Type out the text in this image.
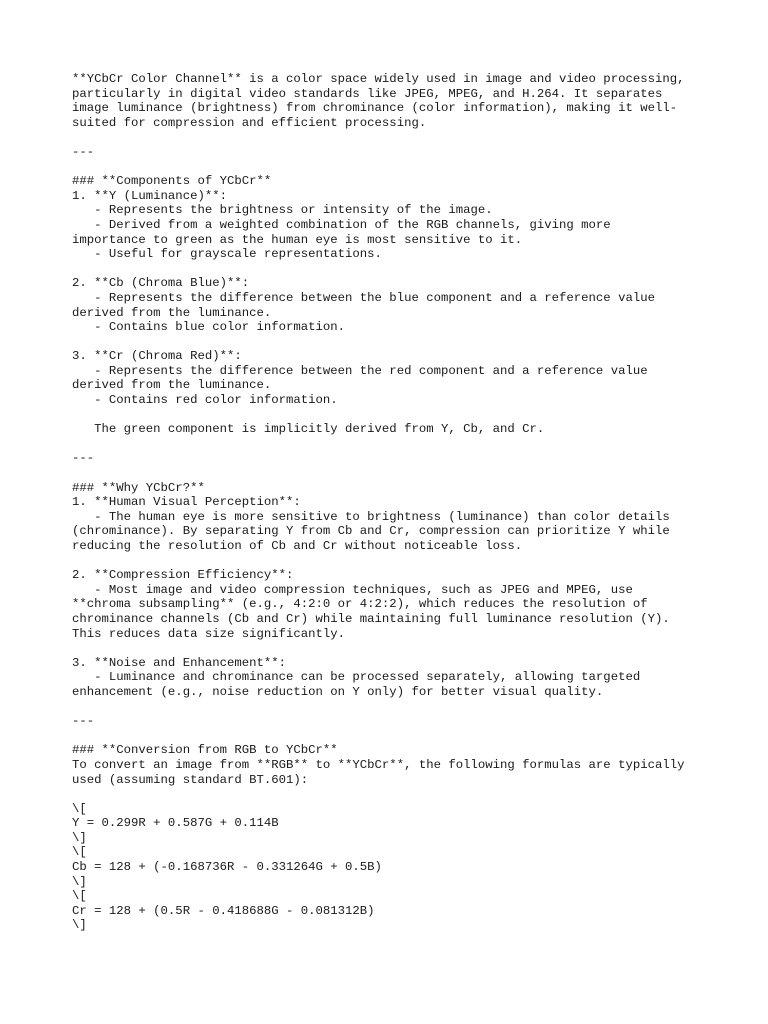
**YCbCr Color Channel** is a color space widely used in image and video processing,
particularly in digital video standards like JPEG, MPEG, and H.264. It separates
image luminance (brightness) from chrominance (color information), making it well-
suited for compression and efficient processing.
---
### **Components of YCbCr**
1. **Y (Luminance)**:
- Represents the brightness or intensity of the image.
- Derived from a weighted combination of the RGB channels, giving more
importance to green as the human eye is most sensitive to it.
- Useful for grayscale representations.
2. **Cb (Chroma Blue)**:
- Represents the difference between the blue component and a reference value
derived from the luminance.
- Contains blue color information.
3. **Cr (Chroma Red)**:
- Represents the difference between the red component and a reference value
derived from the luminance.
- Contains red color information.
The green component is implicitly derived from Y, Cb, and Cr.
---
### **Why YCbCr?**
1. **Human Visual Perception**:
- The human eye is more sensitive to brightness (luminance) than color details
(chrominance). By separating Y from Cb and Cr, compression can prioritize Y while
reducing the resolution of Cb and Cr without noticeable loss.
2. **Compression Efficiency**:
- Most image and video compression techniques, such as JPEG and MPEG, use
**chroma subsampling** (e.g., 4:2:0 or 4:2:2), which reduces the resolution of
chrominance channels (Cb and Cr) while maintaining full luminance resolution (Y).
This reduces data size significantly.
3. **Noise and Enhancement**:
- Luminance and chrominance can be processed separately, allowing targeted
enhancement (e.g., noise reduction on Y only) for better visual quality.
---
### **Conversion from RGB to YCbCr**
To convert an image from **RGB** to **YCbCr**, the following formulas are typically
used (assuming standard BT.601):
\[
Y = 0.299R + 0.587G + 0.114B
\]
\[
Cb = 128 + (-0.168736R - 0.331264G + 0.5B)
\]
\[
Cr = 128 + (0.5R - 0.418688G - 0.081312B)
\]
